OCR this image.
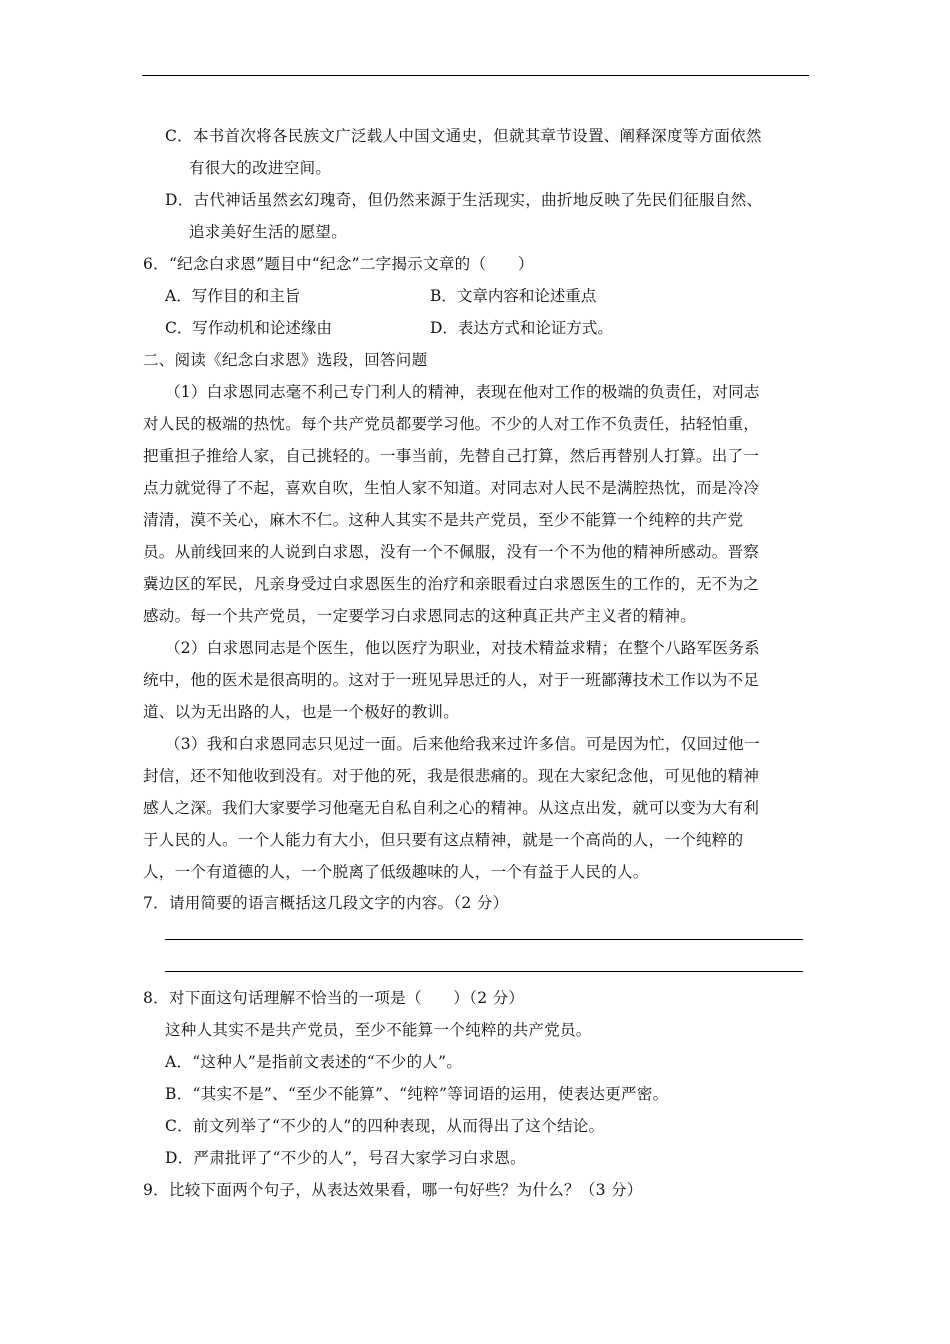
C．本书首次将各民族文广泛载人中国文通史，但就其章节设置、阐释深度等方面依然
有很大的改进空间。
D．古代神话虽然玄幻瑰奇，但仍然来源于生活现实，曲折地反映了先民们征服自然、
追求美好生活的愿望。
6．“纪念白求恩”题目中“纪念”二字揭示文章的（　　）
A．写作目的和主旨	B．文章内容和论述重点
C．写作动机和论述缘由	D．表达方式和论证方式。
二、阅读《纪念白求恩》选段，回答问题
（1）白求恩同志毫不利己专门利人的精神，表现在他对工作的极端的负责任，对同志
对人民的极端的热忱。每个共产党员都要学习他。不少的人对工作不负责任，拈轻怕重，
把重担子推给人家，自己挑轻的。一事当前，先替自己打算，然后再替别人打算。出了一
点力就觉得了不起，喜欢自吹，生怕人家不知道。对同志对人民不是满腔热忱，而是冷冷
清清，漠不关心，麻木不仁。这种人其实不是共产党员，至少不能算一个纯粹的共产党
员。从前线回来的人说到白求恩，没有一个不佩服，没有一个不为他的精神所感动。晋察
冀边区的军民，凡亲身受过白求恩医生的治疗和亲眼看过白求恩医生的工作的，无不为之
感动。每一个共产党员，一定要学习白求恩同志的这种真正共产主义者的精神。
（2）白求恩同志是个医生，他以医疗为职业，对技术精益求精；在整个八路军医务系
统中，他的医术是很高明的。这对于一班见异思迁的人，对于一班鄙薄技术工作以为不足
道、以为无出路的人，也是一个极好的教训。
（3）我和白求恩同志只见过一面。后来他给我来过许多信。可是因为忙，仅回过他一
封信，还不知他收到没有。对于他的死，我是很悲痛的。现在大家纪念他，可见他的精神
感人之深。我们大家要学习他毫无自私自利之心的精神。从这点出发，就可以变为大有利
于人民的人。一个人能力有大小，但只要有这点精神，就是一个高尚的人，一个纯粹的
人，一个有道德的人，一个脱离了低级趣味的人，一个有益于人民的人。
7．请用简要的语言概括这几段文字的内容。（2 分）
8．对下面这句话理解不恰当的一项是（　　）（2 分）
这种人其实不是共产党员，至少不能算一个纯粹的共产党员。
A．“这种人”是指前文表述的“不少的人”。
B．“其实不是”、“至少不能算”、“纯粹”等词语的运用，使表达更严密。
C．前文列举了“不少的人”的四种表现，从而得出了这个结论。
D．严肃批评了“不少的人”，号召大家学习白求恩。
9．比较下面两个句子，从表达效果看，哪一句好些？为什么？（3 分）
